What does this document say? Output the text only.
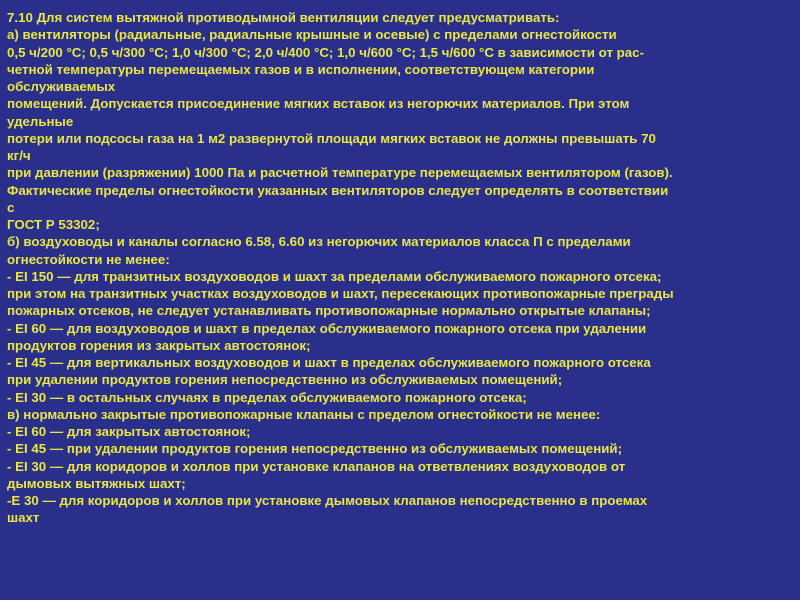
7.10 Для систем вытяжной противодымной вентиляции следует предусматривать:
а) вентиляторы (радиальные, радиальные крышные и осевые) с пределами огнестойкости
0,5 ч/200 °С; 0,5 ч/300 °С; 1,0 ч/300 °С; 2,0 ч/400 °С; 1,0 ч/600 °С; 1,5 ч/600 °С в зависимости от рас-
четной температуры перемещаемых газов и в исполнении, соответствующем категории
обслуживаемых
помещений. Допускается присоединение мягких вставок из негорючих материалов. При этом
удельные
потери или подсосы газа на 1 м2 развернутой площади мягких вставок не должны превышать 70
кг/ч
при давлении (разряжении) 1000 Па и расчетной температуре перемещаемых вентилятором (газов).
Фактические пределы огнестойкости указанных вентиляторов следует определять в соответствии
с
ГОСТ Р 53302;
б) воздуховоды и каналы согласно 6.58, 6.60 из негорючих материалов класса П с пределами
огнестойкости не менее:
- EI 150 — для транзитных воздуховодов и шахт за пределами обслуживаемого пожарного отсека;
при этом на транзитных участках воздуховодов и шахт, пересекающих противопожарные преграды
пожарных отсеков, не следует устанавливать противопожарные нормально открытые клапаны;
- EI 60 — для воздуховодов и шахт в пределах обслуживаемого пожарного отсека при удалении
продуктов горения из закрытых автостоянок;
- EI 45 — для вертикальных воздуховодов и шахт в пределах обслуживаемого пожарного отсека
при удалении продуктов горения непосредственно из обслуживаемых помещений;
- EI 30 — в остальных случаях в пределах обслуживаемого пожарного отсека;
в) нормально закрытые противопожарные клапаны с пределом огнестойкости не менее:
- EI 60 — для закрытых автостоянок;
- EI 45 — при удалении продуктов горения непосредственно из обслуживаемых помещений;
- EI 30 — для коридоров и холлов при установке клапанов на ответвлениях воздуховодов от
дымовых вытяжных шахт;
-E 30 — для коридоров и холлов при установке дымовых клапанов непосредственно в проемах
шахт
